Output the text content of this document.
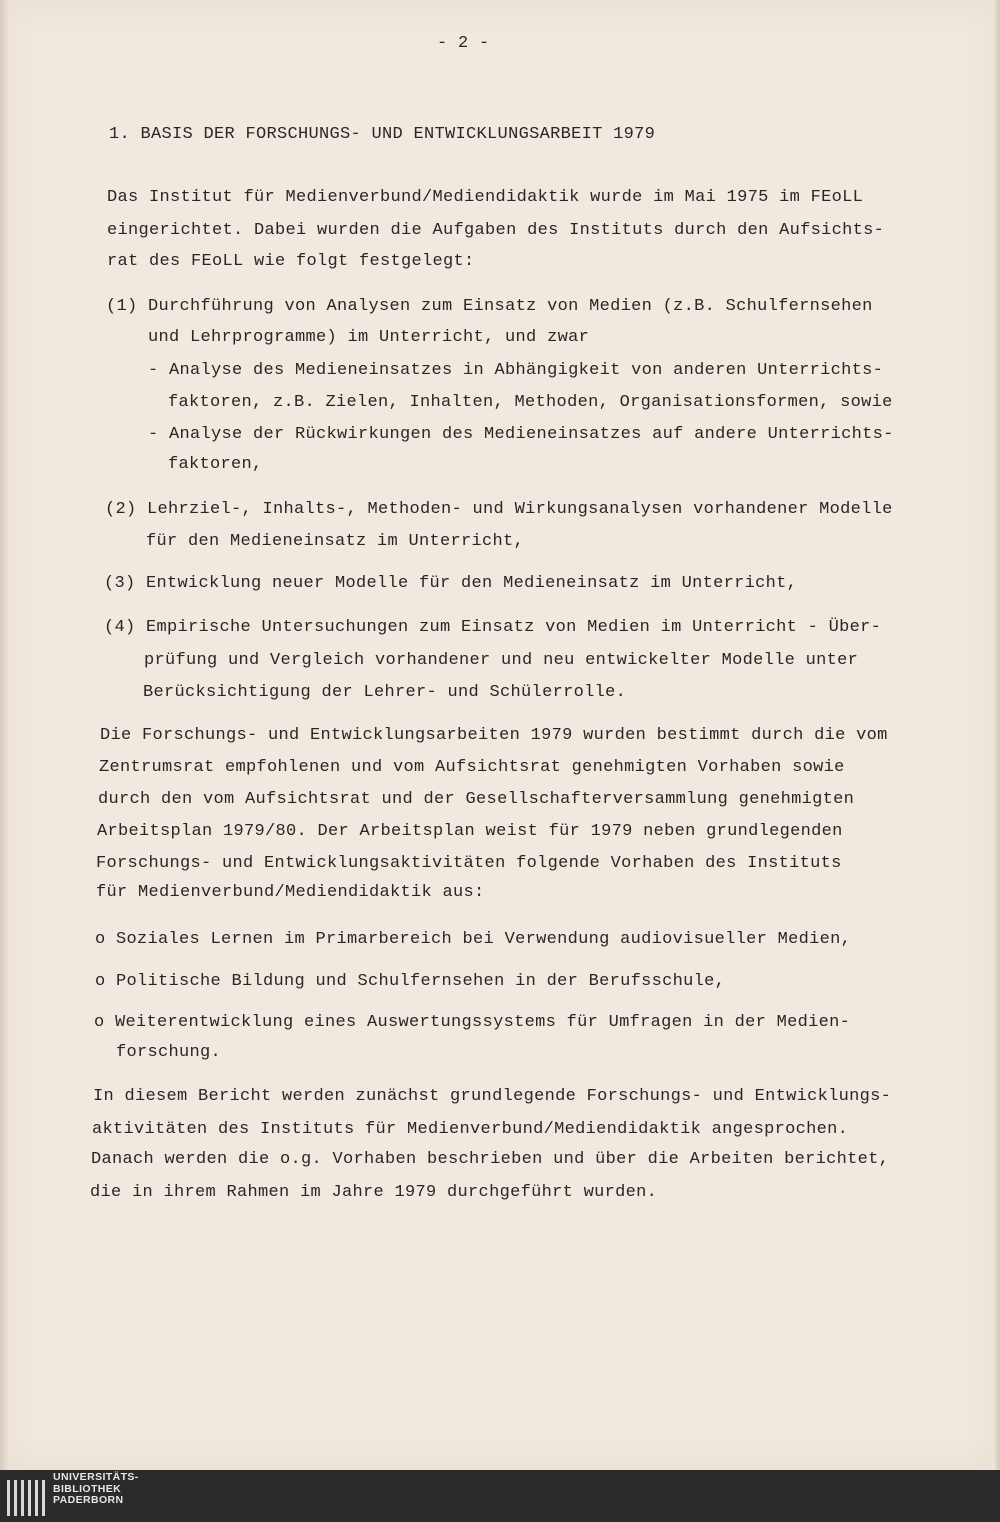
- 2 -
1. BASIS DER FORSCHUNGS- UND ENTWICKLUNGSARBEIT 1979
Das Institut für Medienverbund/Mediendidaktik wurde im Mai 1975 im FEoLL
eingerichtet. Dabei wurden die Aufgaben des Instituts durch den Aufsichts-
rat des FEoLL wie folgt festgelegt:
(1) Durchführung von Analysen zum Einsatz von Medien (z.B. Schulfernsehen
und Lehrprogramme) im Unterricht, und zwar
- Analyse des Medieneinsatzes in Abhängigkeit von anderen Unterrichts-
faktoren, z.B. Zielen, Inhalten, Methoden, Organisationsformen, sowie
- Analyse der Rückwirkungen des Medieneinsatzes auf andere Unterrichts-
faktoren,
(2) Lehrziel-, Inhalts-, Methoden- und Wirkungsanalysen vorhandener Modelle
für den Medieneinsatz im Unterricht,
(3) Entwicklung neuer Modelle für den Medieneinsatz im Unterricht,
(4) Empirische Untersuchungen zum Einsatz von Medien im Unterricht - Über-
prüfung und Vergleich vorhandener und neu entwickelter Modelle unter
Berücksichtigung der Lehrer- und Schülerrolle.
Die Forschungs- und Entwicklungsarbeiten 1979 wurden bestimmt durch die vom
Zentrumsrat empfohlenen und vom Aufsichtsrat genehmigten Vorhaben sowie
durch den vom Aufsichtsrat und der Gesellschafterversammlung genehmigten
Arbeitsplan 1979/80. Der Arbeitsplan weist für 1979 neben grundlegenden
Forschungs- und Entwicklungsaktivitäten folgende Vorhaben des Instituts
für Medienverbund/Mediendidaktik aus:
o Soziales Lernen im Primarbereich bei Verwendung audiovisueller Medien,
o Politische Bildung und Schulfernsehen in der Berufsschule,
o Weiterentwicklung eines Auswertungssystems für Umfragen in der Medien-
forschung.
In diesem Bericht werden zunächst grundlegende Forschungs- und Entwicklungs-
aktivitäten des Instituts für Medienverbund/Mediendidaktik angesprochen.
Danach werden die o.g. Vorhaben beschrieben und über die Arbeiten berichtet,
die in ihrem Rahmen im Jahre 1979 durchgeführt wurden.
UNIVERSITÄTS-
BIBLIOTHEK
PADERBORN
